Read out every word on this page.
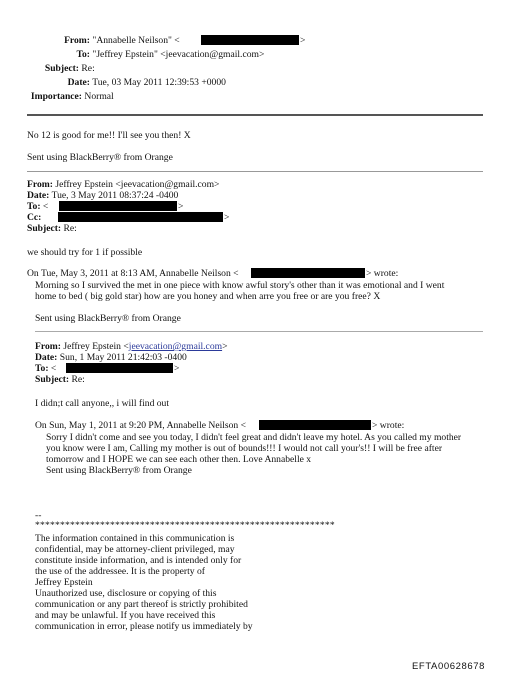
From: "Annabelle Neilson" <	>
To: "Jeffrey Epstein" <jeevacation@gmail.com>
Subject: Re:
Date: Tue, 03 May 2011 12:39:53 +0000
Importance: Normal
No 12 is good for me!! I'll see you then! X
Sent using BlackBerry® from Orange
From: Jeffrey Epstein <jeevacation@gmail.com>
Date: Tue, 3 May 2011 08:37:24 -0400
To: <	>
Cc:	>
Subject: Re:
we should try for 1 if possible
On Tue, May 3, 2011 at 8:13 AM, Annabelle Neilson <	> wrote:
Morning so I survived the met in one piece with know awful story's other than it was emotional and I went
home to bed ( big gold star) how are you honey and when arre you free or are you free? X
Sent using BlackBerry® from Orange
From: Jeffrey Epstein <jeevacation@gmail.com>
Date: Sun, 1 May 2011 21:42:03 -0400
To: <	>
Subject: Re:
I didn;t call anyone,, i will find out
On Sun, May 1, 2011 at 9:20 PM, Annabelle Neilson <	> wrote:
Sorry I didn't come and see you today, I didn't feel great and didn't leave my hotel. As you called my mother
you know were I am, Calling my mother is out of bounds!!! I would not call your's!! I will be free after
tomorrow and I HOPE we can see each other then. Love Annabelle x
Sent using BlackBerry® from Orange
--
************************************************************
The information contained in this communication is
confidential, may be attorney-client privileged, may
constitute inside information, and is intended only for
the use of the addressee. It is the property of
Jeffrey Epstein
Unauthorized use, disclosure or copying of this
communication or any part thereof is strictly prohibited
and may be unlawful. If you have received this
communication in error, please notify us immediately by
EFTA00628678
